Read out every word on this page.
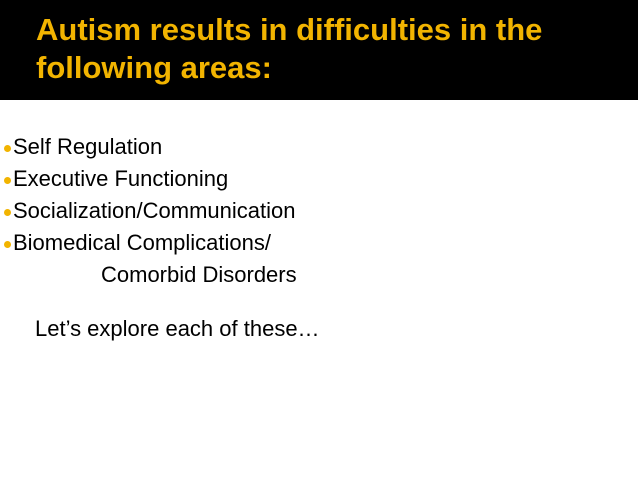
Autism results in difficulties in the following areas:
Self Regulation
Executive Functioning
Socialization/Communication
Biomedical Complications/
Comorbid Disorders

Let’s explore each of these…
